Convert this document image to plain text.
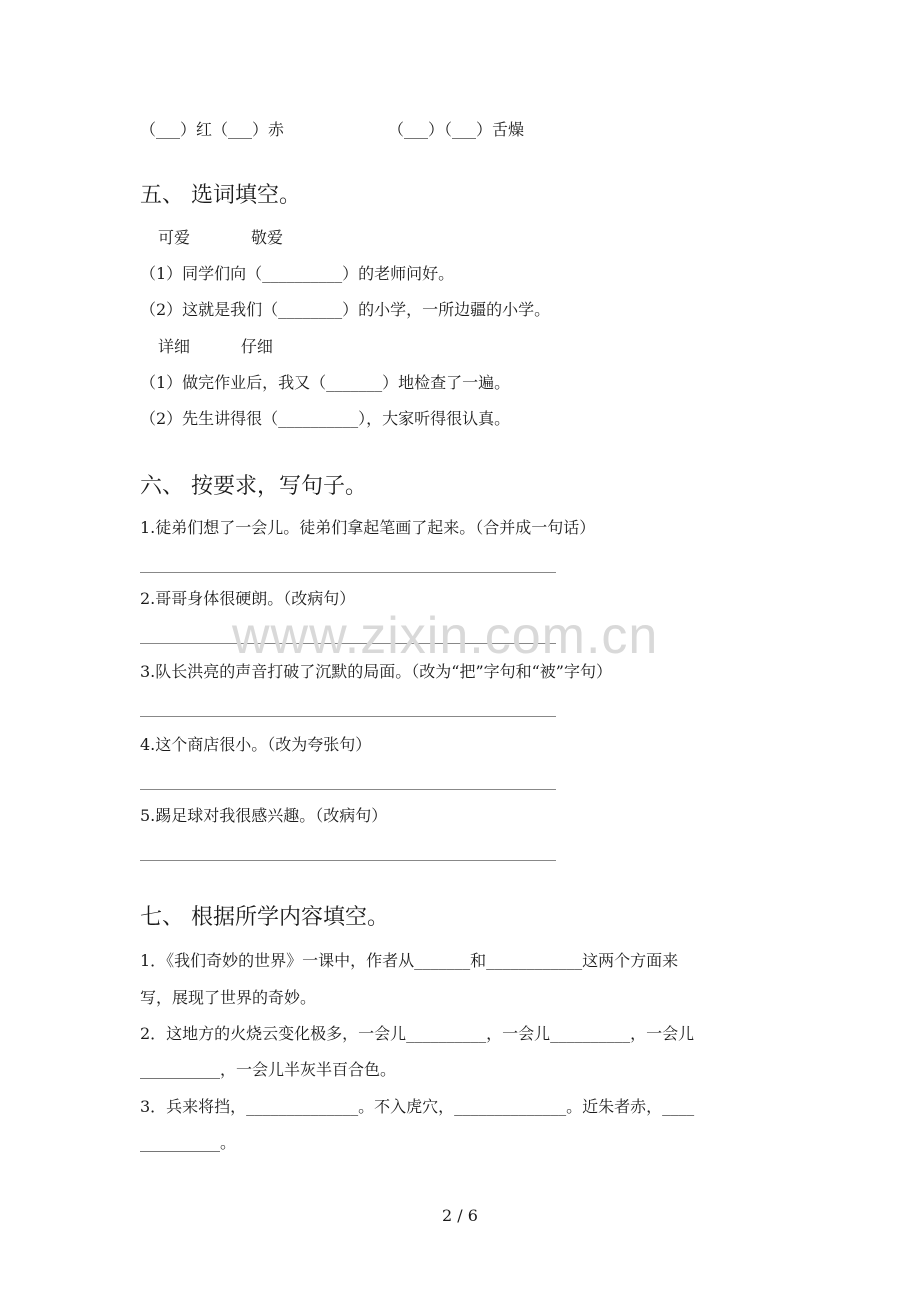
（___）红（___）赤	（___）（___）舌燥
五、 选词填空。
可爱            敬爱
（1）同学们向（__________）的老师问好。
（2）这就是我们（________）的小学，一所边疆的小学。
详细          仔细
（1）做完作业后，我又（_______）地检查了一遍。
（2）先生讲得很（__________），大家听得很认真。
六、 按要求，写句子。
1.徒弟们想了一会儿。徒弟们拿起笔画了起来。（合并成一句话）
2.哥哥身体很硬朗。（改病句）
3.队长洪亮的声音打破了沉默的局面。（改为“把”字句和“被”字句）
4.这个商店很小。（改为夸张句）
5.踢足球对我很感兴趣。（改病句）
七、 根据所学内容填空。
1．《我们奇妙的世界》一课中，作者从_______和____________这两个方面来
写，展现了世界的奇妙。
2．这地方的火烧云变化极多，一会儿__________，一会儿__________，一会儿
__________，一会儿半灰半百合色。
3．兵来将挡，______________。不入虎穴，______________。近朱者赤，____
__________。
www.zixin.com.cn
2 / 6
